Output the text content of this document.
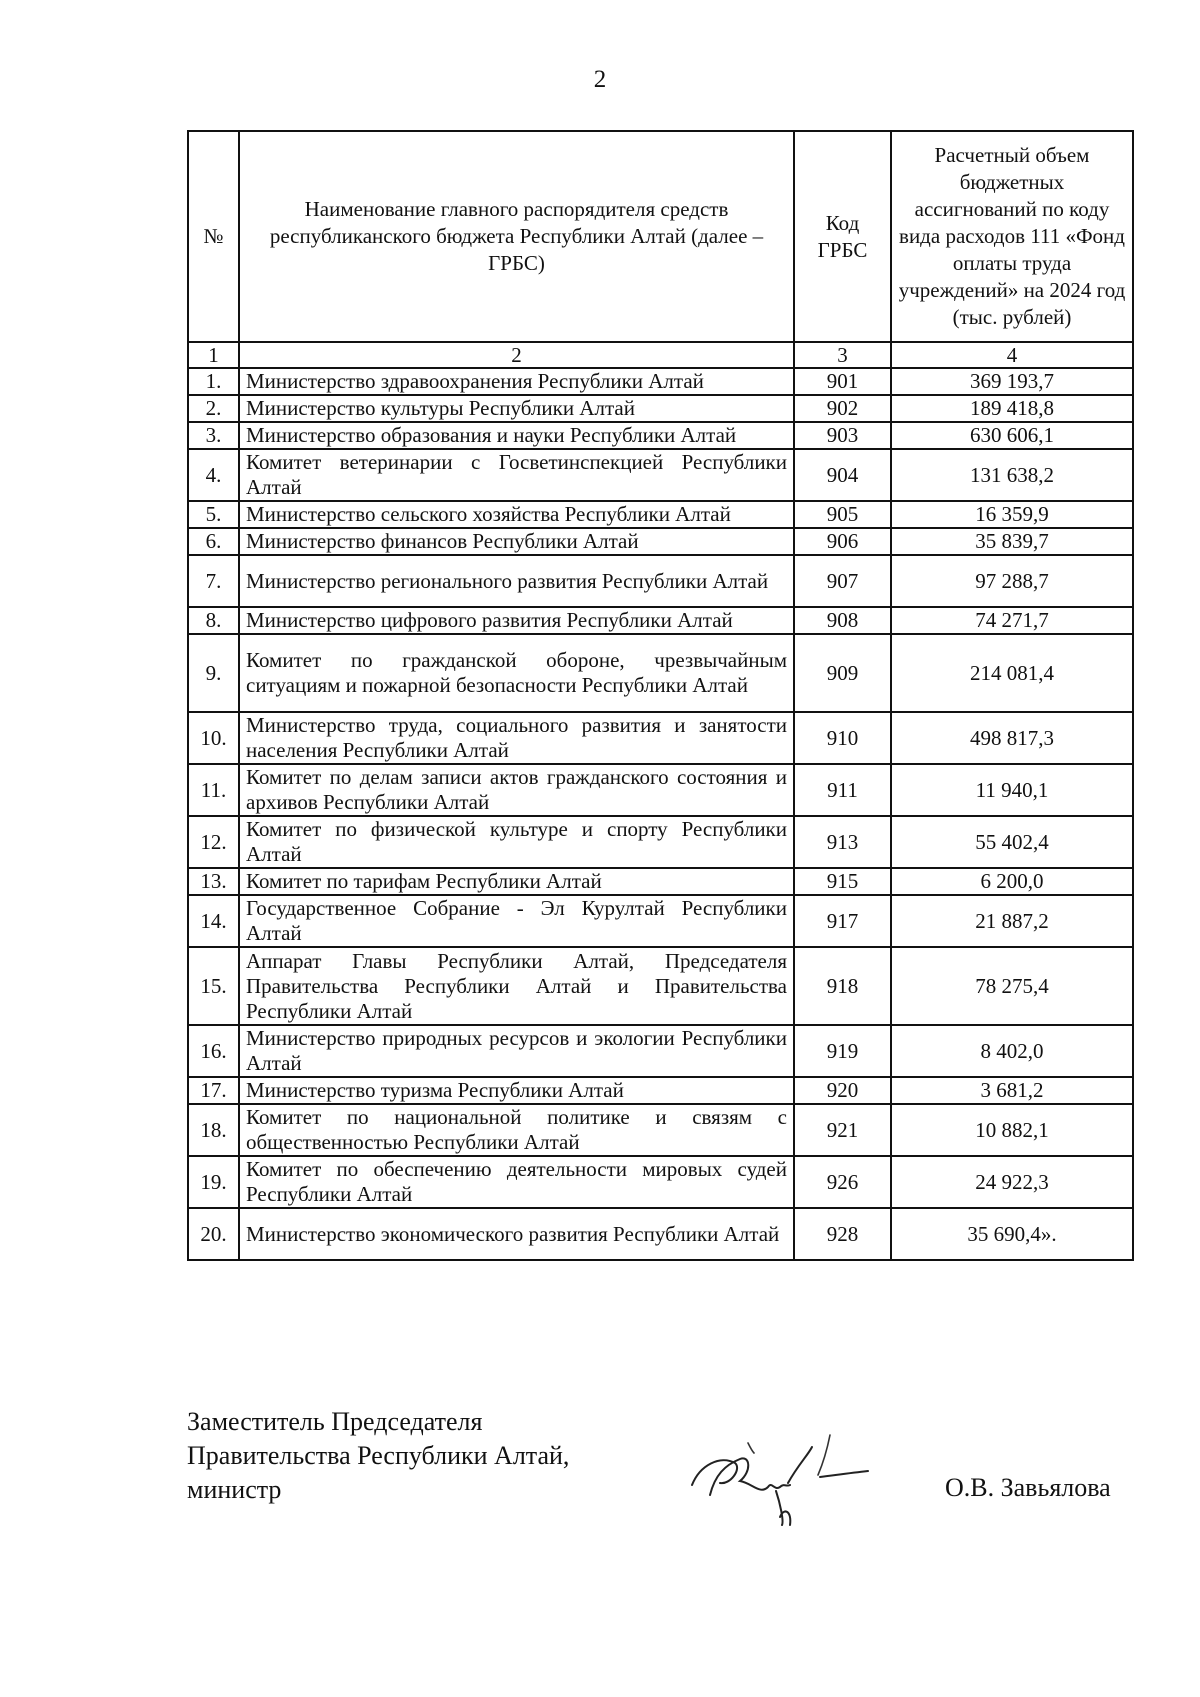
2
№	Наименование главного распорядителя средств республиканского бюджета Республики Алтай (далее – ГРБС)	Код ГРБС	Расчетный объем бюджетных ассигнований по коду вида расходов 111 «Фонд оплаты труда учреждений» на 2024 год (тыс. рублей)
1	2	3	4
1.	Министерство здравоохранения Республики Алтай	901	369 193,7
2.	Министерство культуры Республики Алтай	902	189 418,8
3.	Министерство образования и науки Республики Алтай	903	630 606,1
4.	Комитет ветеринарии с Госветинспекцией Республики Алтай	904	131 638,2
5.	Министерство сельского хозяйства Республики Алтай	905	16 359,9
6.	Министерство финансов Республики Алтай	906	35 839,7
7.	Министерство регионального развития Республики Алтай	907	97 288,7
8.	Министерство цифрового развития Республики Алтай	908	74 271,7
9.	Комитет по гражданской обороне, чрезвычайным ситуациям и пожарной безопасности Республики Алтай	909	214 081,4
10.	Министерство труда, социального развития и занятости населения Республики Алтай	910	498 817,3
11.	Комитет по делам записи актов гражданского состояния и архивов Республики Алтай	911	11 940,1
12.	Комитет по физической культуре и спорту Республики Алтай	913	55 402,4
13.	Комитет по тарифам Республики Алтай	915	6 200,0
14.	Государственное Собрание - Эл Курултай Республики Алтай	917	21 887,2
15.	Аппарат Главы Республики Алтай, Председателя Правительства Республики Алтай и Правительства Республики Алтай	918	78 275,4
16.	Министерство природных ресурсов и экологии Республики Алтай	919	8 402,0
17.	Министерство туризма Республики Алтай	920	3 681,2
18.	Комитет по национальной политике и связям с общественностью Республики Алтай	921	10 882,1
19.	Комитет по обеспечению деятельности мировых судей Республики Алтай	926	24 922,3
20.	Министерство экономического развития Республики Алтай	928	35 690,4».
Заместитель Председателя
Правительства Республики Алтай,
министр	О.В. Завьялова
